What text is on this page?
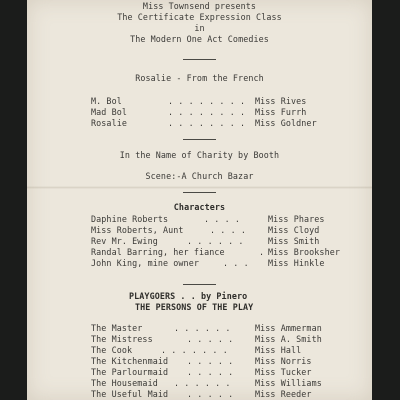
Miss Townsend presents
The Certificate Expression Class
in
The Modern One Act Comedies
Rosalie - From the French
M. Bol	. . . . . . . . Miss Rives
Mad Bol	. . . . . . . . Miss Furrh
Rosalie	. . . . . . . . Miss Goldner
In the Name of Charity by Booth
Scene:-A Church Bazar
Characters
Daphine Roberts	. . . .	Miss Phares
Miss Roberts, Aunt	. . . .	Miss Cloyd
Rev Mr. Ewing	. . . . . .	Miss Smith
Randal Barring, her fiance	. Miss Brooksher
John King, mine owner	. . . Miss Hinkle
PLAYGOERS . . by Pinero
THE PERSONS OF THE PLAY
The Master	. . . . . .	Miss Ammerman
The Mistress	. . . . .	Miss A. Smith
The Cook	. . . . . . .	Miss Hall
The Kitchenmaid . . . . .	Miss Norris
The Parlourmaid . . . . .	Miss Tucker
The Housemaid . . . . . .	Miss Williams
The Useful Maid . . . . .	Miss Reeder
